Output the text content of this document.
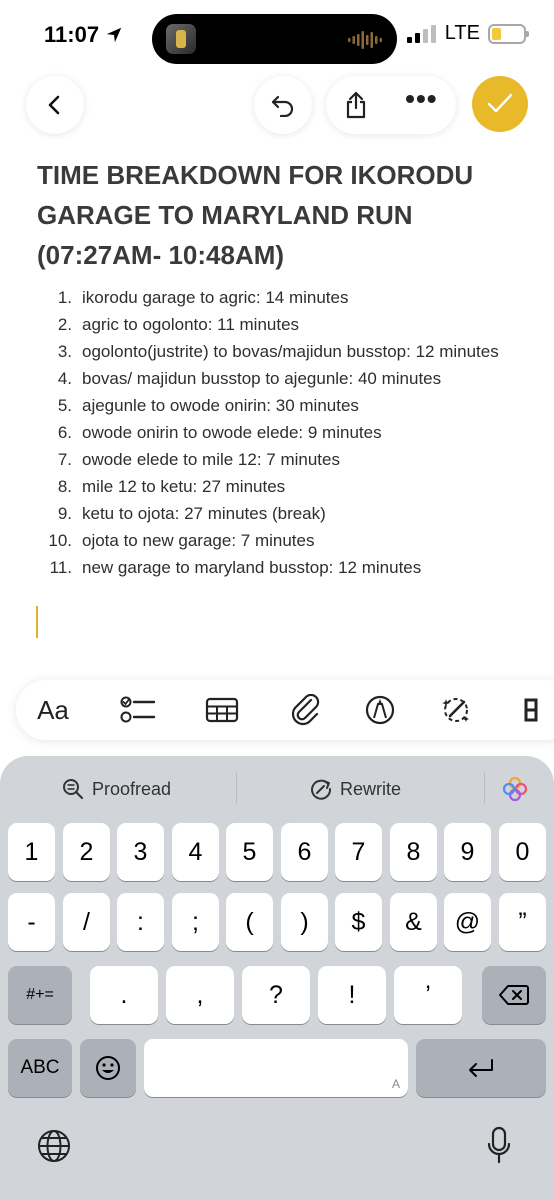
11:07	LTE
•••
TIME BREAKDOWN FOR IKORODU GARAGE TO MARYLAND RUN (07:27AM- 10:48AM)
1. ikorodu garage to agric: 14 minutes
2. agric to ogolonto: 11 minutes
3. ogolonto(justrite) to bovas/majidun busstop: 12 minutes
4. bovas/ majidun busstop to ajegunle: 40 minutes
5. ajegunle to owode onirin: 30 minutes
6. owode onirin to owode elede: 9 minutes
7. owode elede to mile 12: 7 minutes
8. mile 12 to ketu: 27 minutes
9. ketu to ojota: 27 minutes (break)
10. ojota to new garage: 7 minutes
11. new garage to maryland busstop: 12 minutes
Aa
Proofread	Rewrite
1	2	3	4	5	6	7	8	9	0
-	/	:	;	(	)	$	&	@	”
#+=	.	,	?	!	’
ABC
A
